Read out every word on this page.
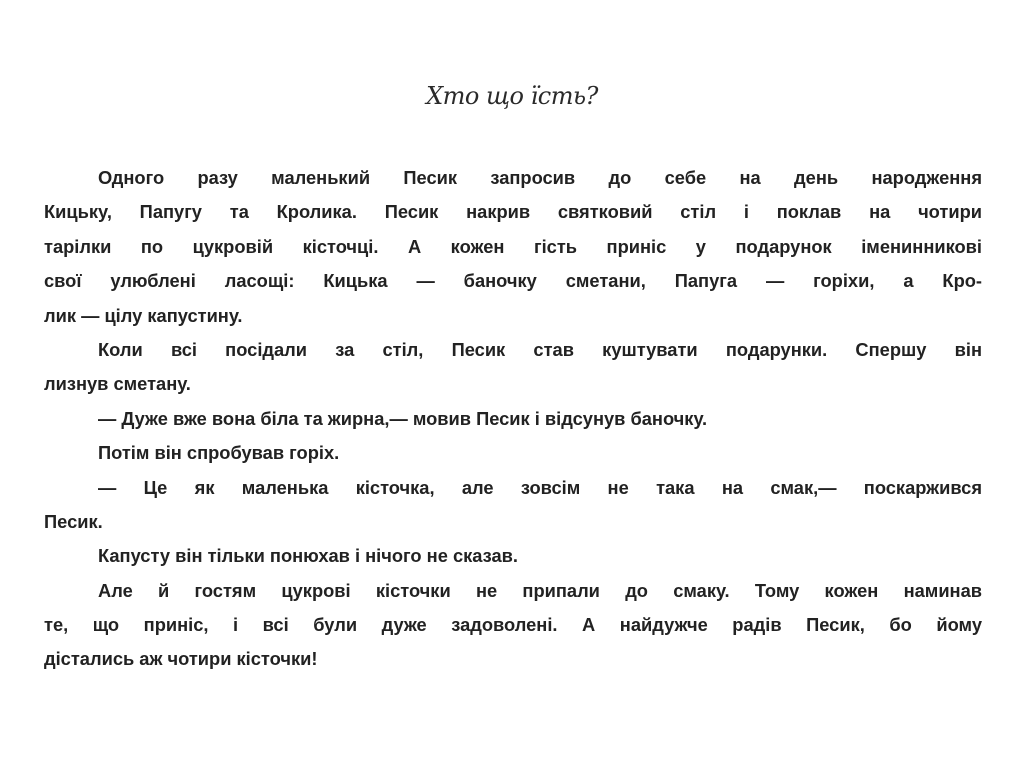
Хто що їсть?
Одного разу маленький Песик запросив до себе на день народження
Кицьку, Папугу та Кролика. Песик накрив святковий стіл і поклав на чотири
тарілки по цукровій кісточці. А кожен гість приніс у подарунок іменинникові
свої улюблені ласощі: Кицька — баночку сметани, Папуга — горіхи, а Кро-
лик — цілу капустину.
Коли всі посідали за стіл, Песик став куштувати подарунки. Спершу він
лизнув сметану.
— Дуже вже вона біла та жирна,— мовив Песик і відсунув баночку.
Потім він спробував горіх.
— Це як маленька кісточка, але зовсім не така на смак,— поскаржився
Песик.
Капусту він тільки понюхав і нічого не сказав.
Але й гостям цукрові кісточки не припали до смаку. Тому кожен наминав
те, що приніс, і всі були дуже задоволені. А найдужче радів Песик, бо йому
дістались аж чотири кісточки!
